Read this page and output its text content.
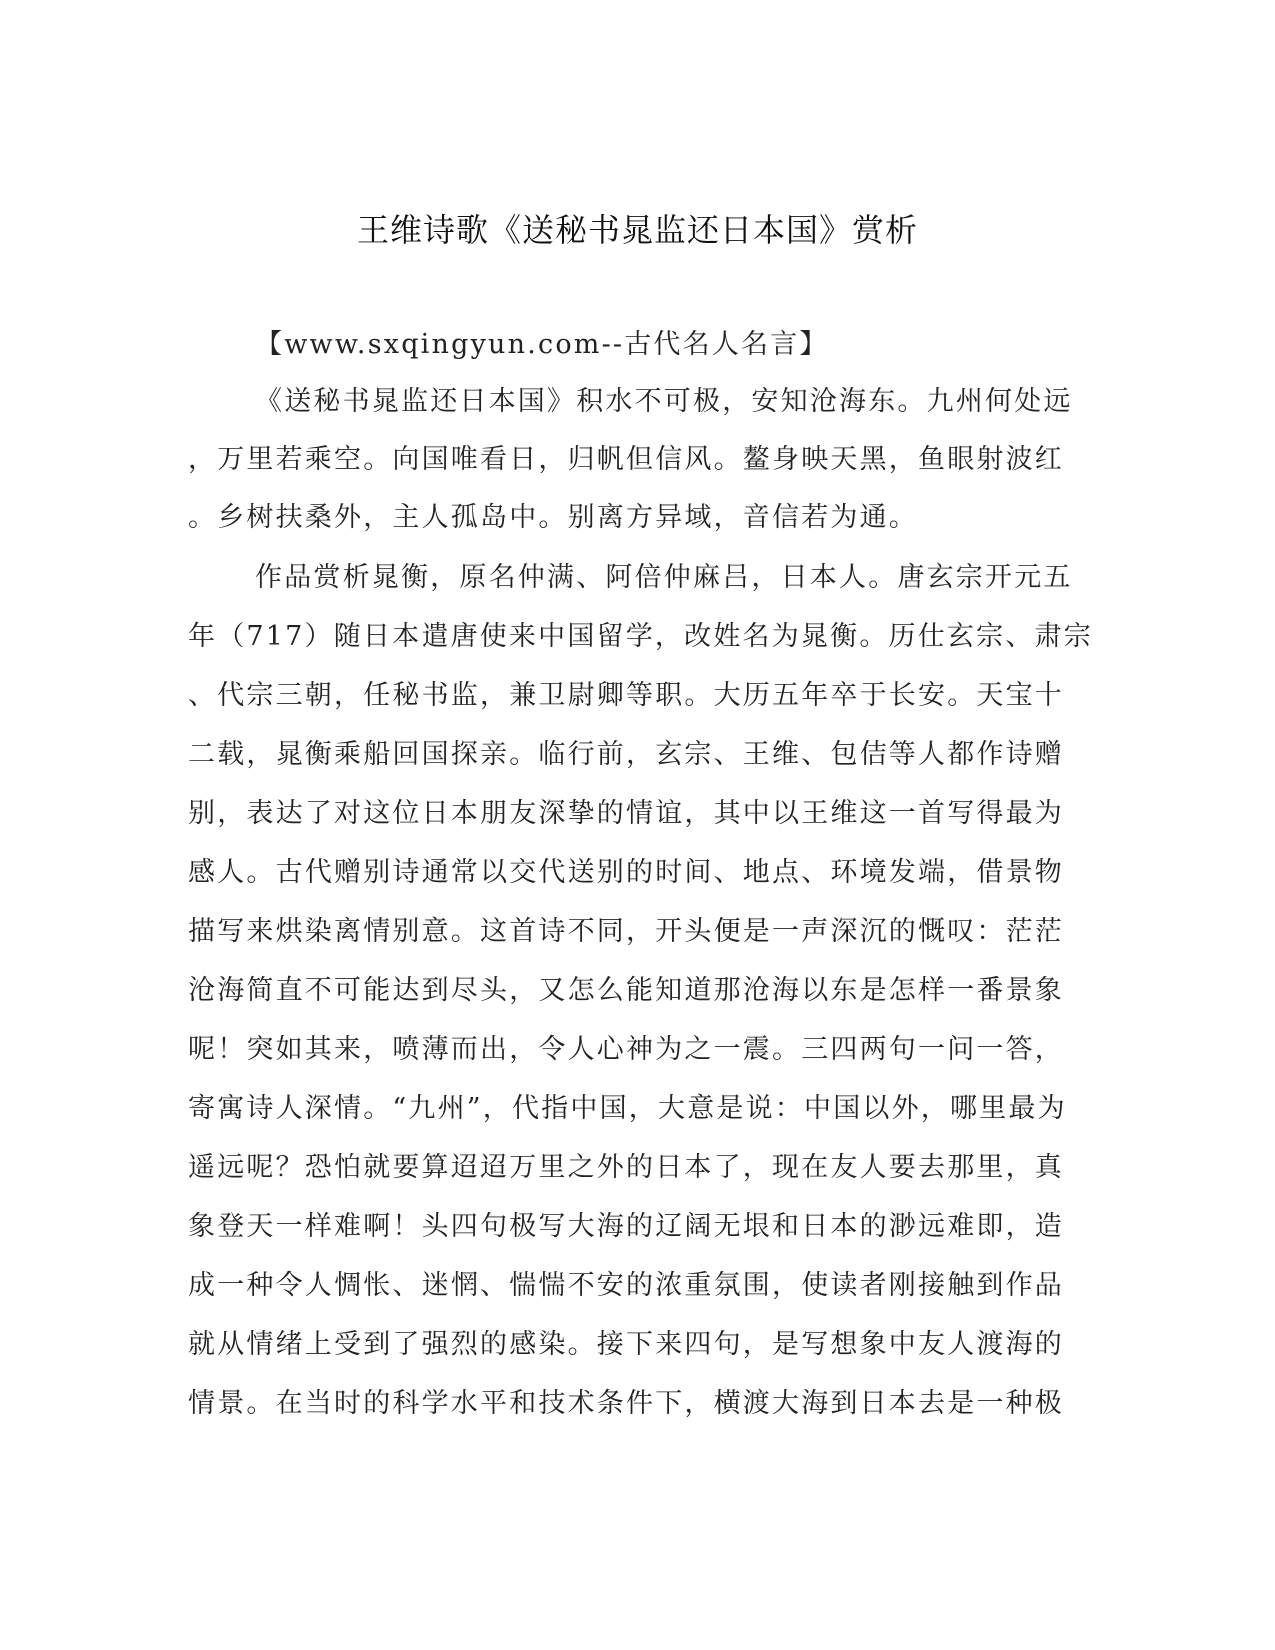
王维诗歌《送秘书晁监还日本国》赏析
【www.sxqingyun.com--古代名人名言】
《送秘书晁监还日本国》积水不可极，安知沧海东。九州何处远
，万里若乘空。向国唯看日，归帆但信风。鳌身映天黑，鱼眼射波红
。乡树扶桑外，主人孤岛中。别离方异域，音信若为通。
作品赏析晁衡，原名仲满、阿倍仲麻吕，日本人。唐玄宗开元五
年（717）随日本遣唐使来中国留学，改姓名为晁衡。历仕玄宗、肃宗
、代宗三朝，任秘书监，兼卫尉卿等职。大历五年卒于长安。天宝十
二载，晁衡乘船回国探亲。临行前，玄宗、王维、包佶等人都作诗赠
别，表达了对这位日本朋友深挚的情谊，其中以王维这一首写得最为
感人。古代赠别诗通常以交代送别的时间、地点、环境发端，借景物
描写来烘染离情别意。这首诗不同，开头便是一声深沉的慨叹：茫茫
沧海简直不可能达到尽头，又怎么能知道那沧海以东是怎样一番景象
呢！突如其来，喷薄而出，令人心神为之一震。三四两句一问一答，
寄寓诗人深情。“九州”，代指中国，大意是说：中国以外，哪里最为
遥远呢？恐怕就要算迢迢万里之外的日本了，现在友人要去那里，真
象登天一样难啊！头四句极写大海的辽阔无垠和日本的渺远难即，造
成一种令人惆怅、迷惘、惴惴不安的浓重氛围，使读者刚接触到作品
就从情绪上受到了强烈的感染。接下来四句，是写想象中友人渡海的
情景。在当时的科学水平和技术条件下，横渡大海到日本去是一种极
